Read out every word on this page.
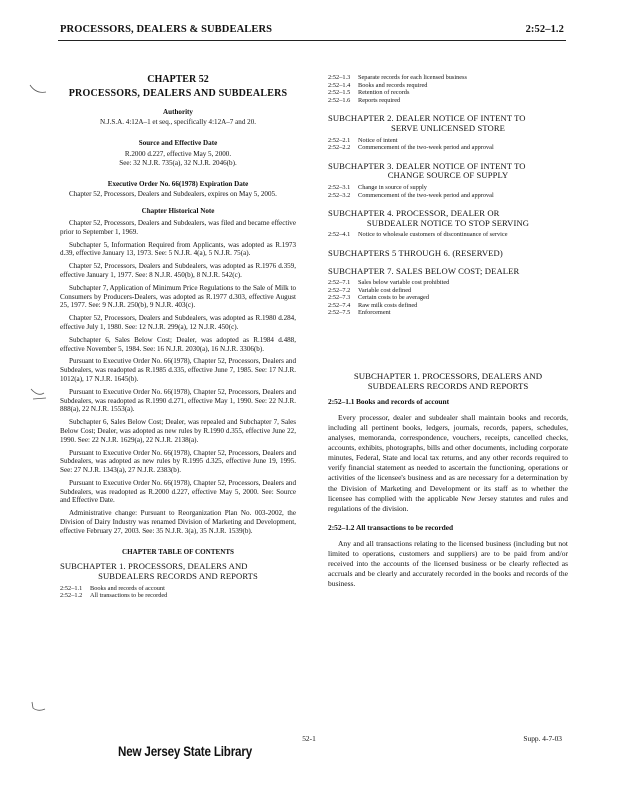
PROCESSORS, DEALERS & SUBDEALERS	2:52–1.2
CHAPTER 52
PROCESSORS, DEALERS AND SUBDEALERS
Authority
N.J.S.A. 4:12A–1 et seq., specifically 4:12A–7 and 20.
Source and Effective Date
R.2000 d.227, effective May 5, 2000.
See: 32 N.J.R. 735(a), 32 N.J.R. 2046(b).
Executive Order No. 66(1978) Expiration Date
Chapter 52, Processors, Dealers and Subdealers, expires on May 5, 2005.
Chapter Historical Note
Chapter 52, Processors, Dealers and Subdealers, was filed and became effective prior to September 1, 1969.
Subchapter 5, Information Required from Applicants, was adopted as R.1973 d.39, effective January 13, 1973. See: 5 N.J.R. 4(a), 5 N.J.R. 75(a).
Chapter 52, Processors, Dealers and Subdealers, was adopted as R.1976 d.359, effective January 1, 1977. See: 8 N.J.R. 450(b), 8 N.J.R. 542(c).
Subchapter 7, Application of Minimum Price Regulations to the Sale of Milk to Consumers by Producers-Dealers, was adopted as R.1977 d.303, effective August 25, 1977. See: 9 N.J.R. 250(b), 9 N.J.R. 403(c).
Chapter 52, Processors, Dealers and Subdealers, was adopted as R.1980 d.284, effective July 1, 1980. See: 12 N.J.R. 299(a), 12 N.J.R. 450(c).
Subchapter 6, Sales Below Cost; Dealer, was adopted as R.1984 d.488, effective November 5, 1984. See: 16 N.J.R. 2030(a), 16 N.J.R. 3306(b).
Pursuant to Executive Order No. 66(1978), Chapter 52, Processors, Dealers and Subdealers, was readopted as R.1985 d.335, effective June 7, 1985. See: 17 N.J.R. 1012(a), 17 N.J.R. 1645(b).
Pursuant to Executive Order No. 66(1978), Chapter 52, Processors, Dealers and Subdealers, was readopted as R.1990 d.271, effective May 1, 1990. See: 22 N.J.R. 888(a), 22 N.J.R. 1553(a).
Subchapter 6, Sales Below Cost; Dealer, was repealed and Subchapter 7, Sales Below Cost; Dealer, was adopted as new rules by R.1990 d.355, effective June 22, 1990. See: 22 N.J.R. 1629(a), 22 N.J.R. 2138(a).
Pursuant to Executive Order No. 66(1978), Chapter 52, Processors, Dealers and Subdealers, was adopted as new rules by R.1995 d.325, effective June 19, 1995. See: 27 N.J.R. 1343(a), 27 N.J.R. 2383(b).
Pursuant to Executive Order No. 66(1978), Chapter 52, Processors, Dealers and Subdealers, was readopted as R.2000 d.227, effective May 5, 2000. See: Source and Effective Date.
Administrative change: Pursuant to Reorganization Plan No. 003-2002, the Division of Dairy Industry was renamed Division of Marketing and Development, effective February 27, 2003. See: 35 N.J.R. 3(a), 35 N.J.R. 1539(b).
CHAPTER TABLE OF CONTENTS
SUBCHAPTER 1. PROCESSORS, DEALERS AND
SUBDEALERS RECORDS AND REPORTS
2:52–1.1 Books and records of account
2:52–1.2 All transactions to be recorded
2:52–1.3 Separate records for each licensed business
2:52–1.4 Books and records required
2:52–1.5 Retention of records
2:52–1.6 Reports required
SUBCHAPTER 2. DEALER NOTICE OF INTENT TO
SERVE UNLICENSED STORE
2:52–2.1 Notice of intent
2:52–2.2 Commencement of the two-week period and approval
SUBCHAPTER 3. DEALER NOTICE OF INTENT TO
CHANGE SOURCE OF SUPPLY
2:52–3.1 Change in source of supply
2:52–3.2 Commencement of the two-week period and approval
SUBCHAPTER 4. PROCESSOR, DEALER OR
SUBDEALER NOTICE TO STOP SERVING
2:52–4.1 Notice to wholesale customers of discontinuance of service
SUBCHAPTERS 5 THROUGH 6. (RESERVED)
SUBCHAPTER 7. SALES BELOW COST; DEALER
2:52–7.1 Sales below variable cost prohibited
2:52–7.2 Variable cost defined
2:52–7.3 Certain costs to be averaged
2:52–7.4 Raw milk costs defined
2:52–7.5 Enforcement
SUBCHAPTER 1. PROCESSORS, DEALERS AND
SUBDEALERS RECORDS AND REPORTS
2:52–1.1 Books and records of account
Every processor, dealer and subdealer shall maintain books and records, including all pertinent books, ledgers, journals, records, papers, schedules, analyses, memoranda, correspondence, vouchers, receipts, cancelled checks, accounts, exhibits, photographs, bills and other documents, including corporate minutes, Federal, State and local tax returns, and any other records required to verify financial statement as needed to ascertain the functioning, operations or activities of the licensee's business and as are necessary for a determination by the Division of Marketing and Development or its staff as to whether the licensee has complied with the applicable New Jersey statutes and rules and regulations of the division.
2:52–1.2 All transactions to be recorded
Any and all transactions relating to the licensed business (including but not limited to operations, customers and suppliers) are to be paid from and/or received into the accounts of the licensed business or be clearly reflected as accruals and be clearly and accurately recorded in the books and records of the business.
52-1	Supp. 4-7-03
New Jersey State Library
